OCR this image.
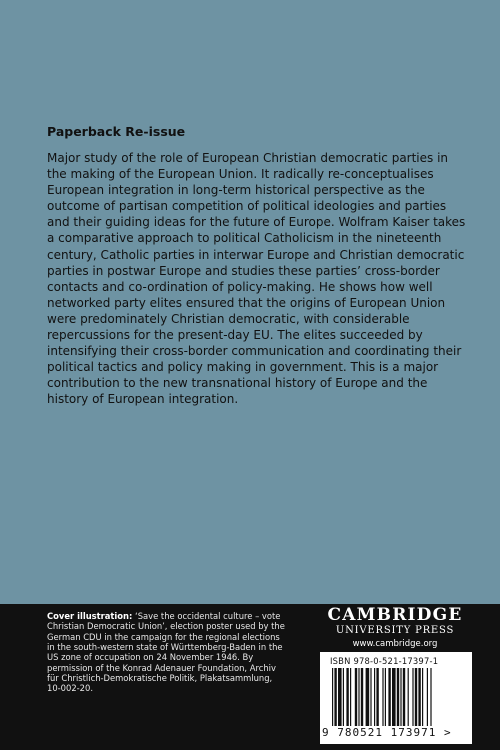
Paperback Re-issue

Major study of the role of European Christian democratic parties in the making of the European Union. It radically re-conceptualises European integration in long-term historical perspective as the outcome of partisan competition of political ideologies and parties and their guiding ideas for the future of Europe. Wolfram Kaiser takes a comparative approach to political Catholicism in the nineteenth century, Catholic parties in interwar Europe and Christian democratic parties in postwar Europe and studies these parties’ cross-border contacts and co-ordination of policy-making. He shows how well networked party elites ensured that the origins of European Union were predominately Christian democratic, with considerable repercussions for the present-day EU. The elites succeeded by intensifying their cross-border communication and coordinating their political tactics and policy making in government. This is a major contribution to the new transnational history of Europe and the history of European integration.

Cover illustration: ‘Save the occidental culture – vote Christian Democratic Union’, election poster used by the German CDU in the campaign for the regional elections in the south-western state of Württemberg-Baden in the US zone of occupation on 24 November 1946. By permission of the Konrad Adenauer Foundation, Archiv für Christlich-Demokratische Politik, Plakatsammlung, 10-002-20.

CAMBRIDGE
UNIVERSITY PRESS
www.cambridge.org
ISBN 978-0-521-17397-1
9 780521 173971 >
